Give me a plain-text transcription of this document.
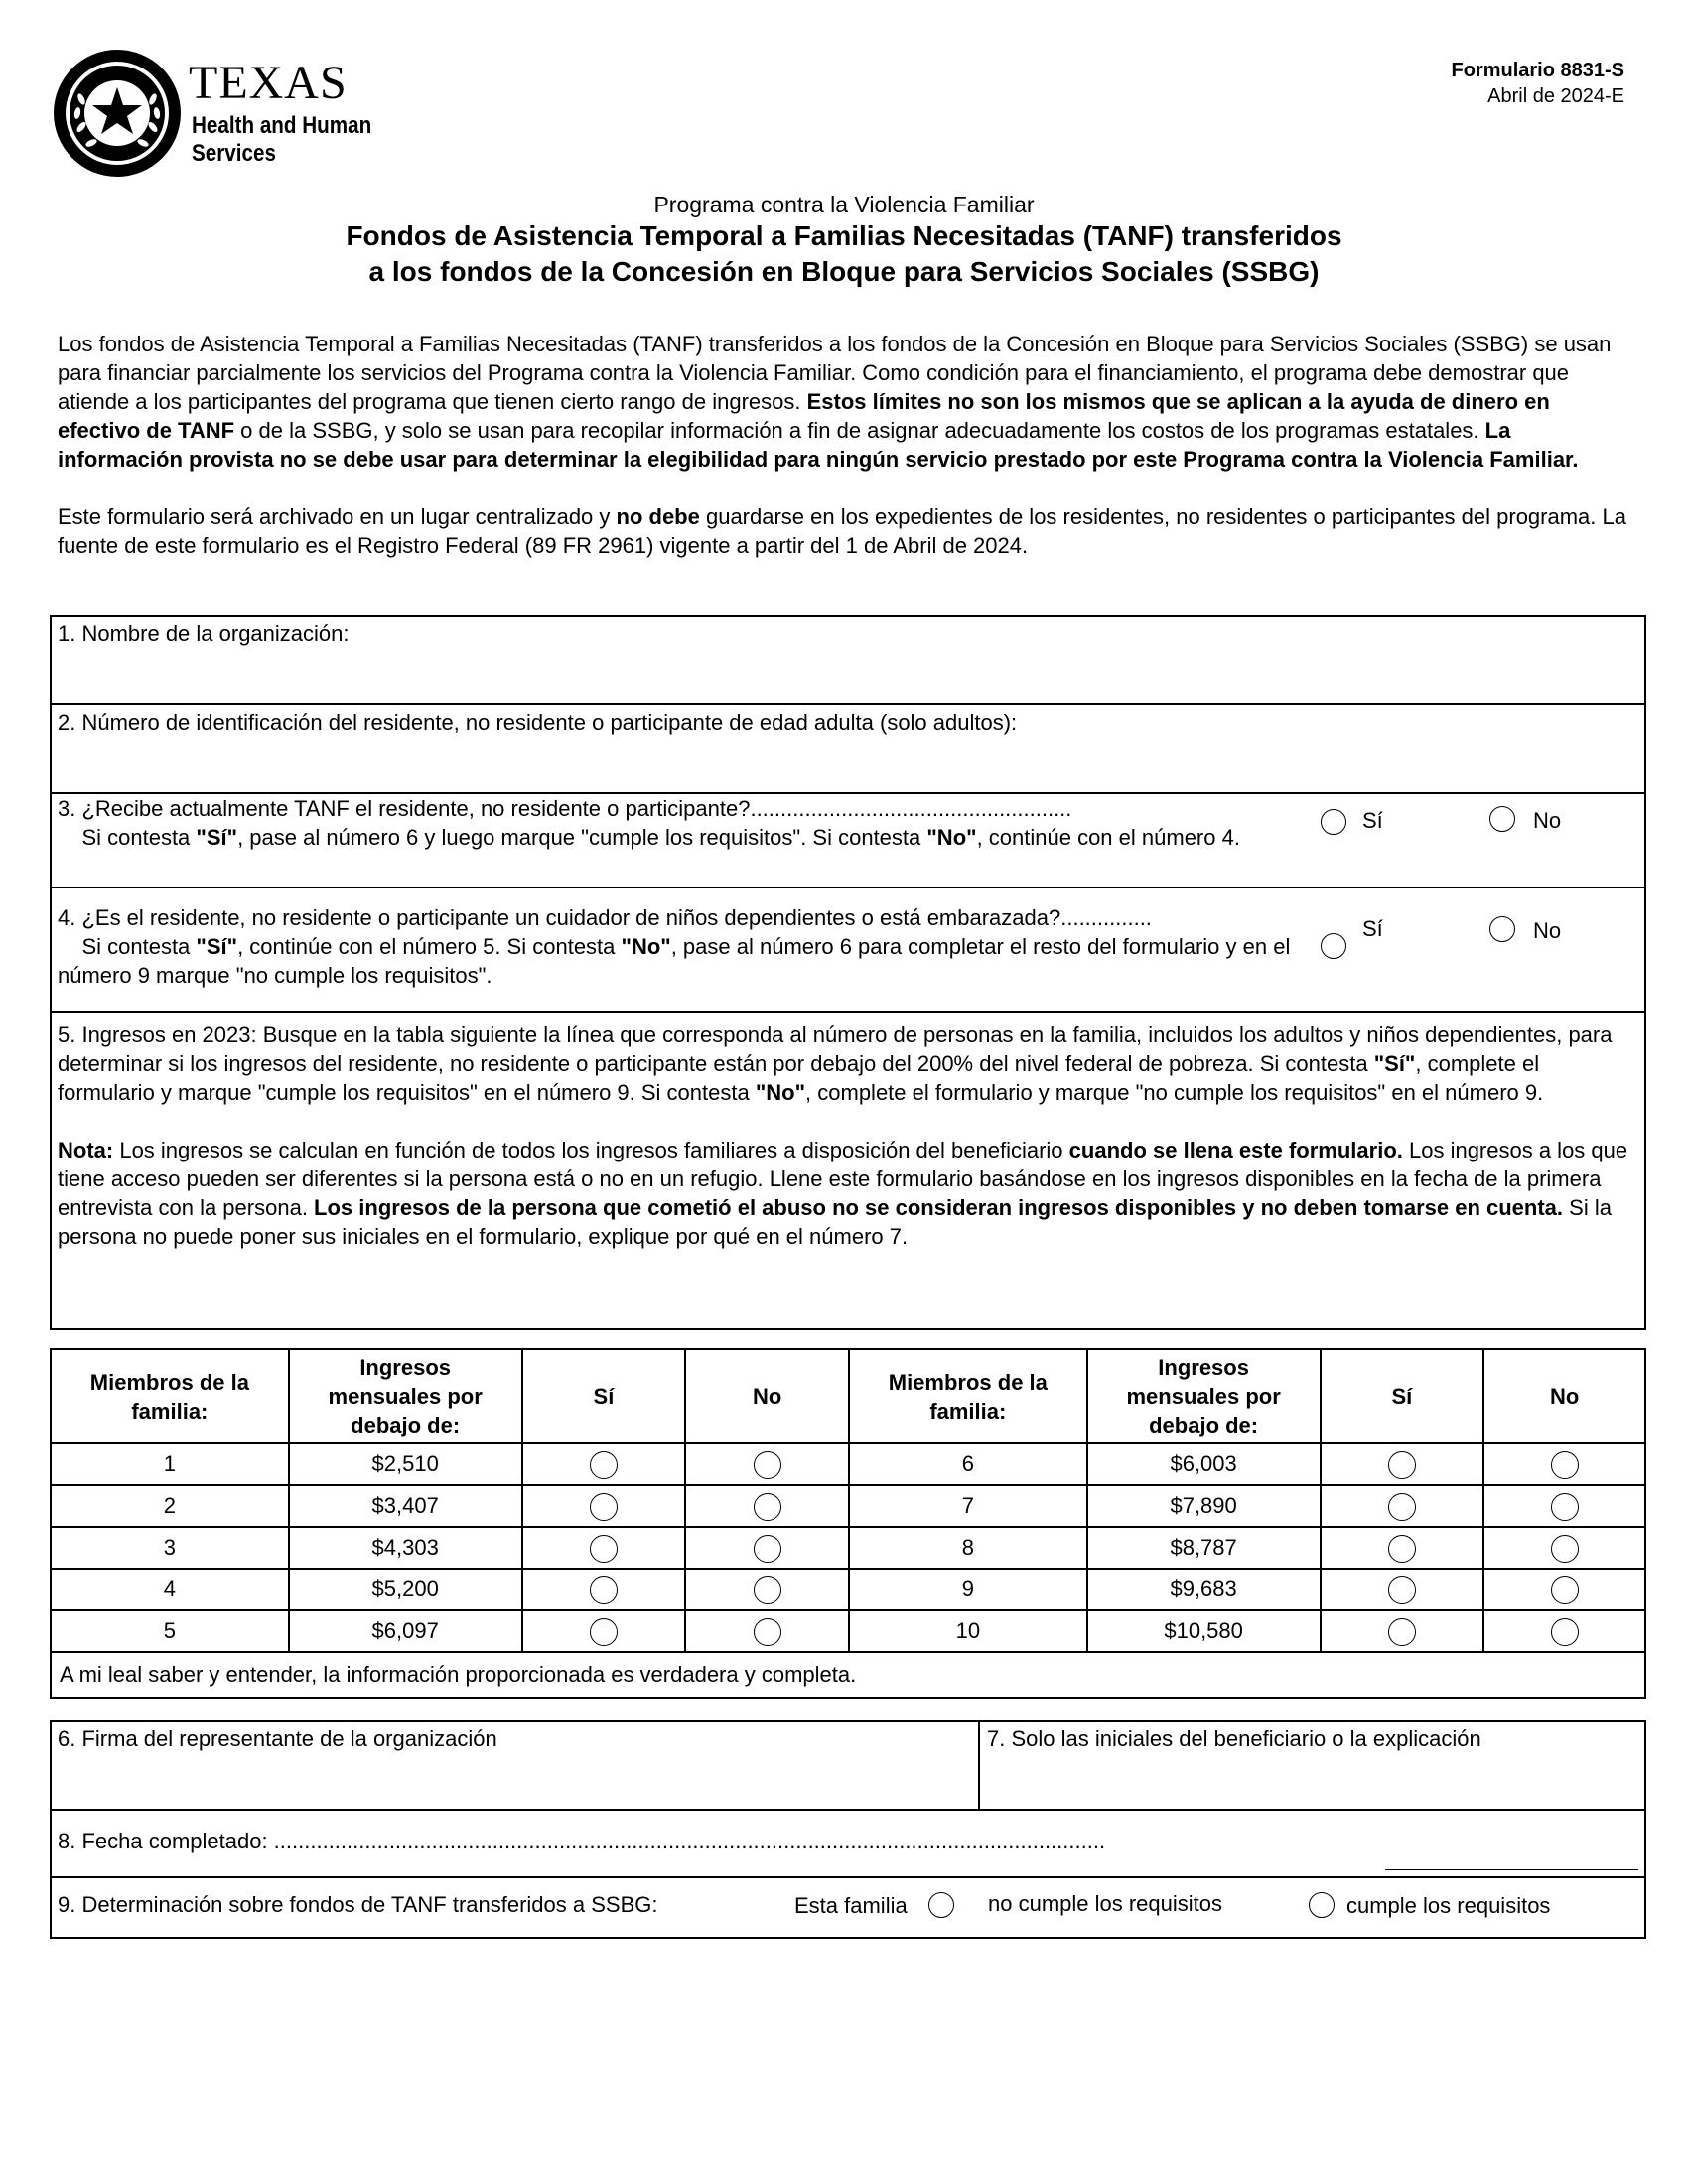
TEXAS
Health and Human
Services
Formulario 8831-S
Abril de 2024-E
Programa contra la Violencia Familiar
Fondos de Asistencia Temporal a Familias Necesitadas (TANF) transferidos
a los fondos de la Concesión en Bloque para Servicios Sociales (SSBG)

Los fondos de Asistencia Temporal a Familias Necesitadas (TANF) transferidos a los fondos de la Concesión en Bloque para Servicios Sociales (SSBG) se usan para financiar parcialmente los servicios del Programa contra la Violencia Familiar. Como condición para el financiamiento, el programa debe demostrar que atiende a los participantes del programa que tienen cierto rango de ingresos. Estos límites no son los mismos que se aplican a la ayuda de dinero en efectivo de TANF o de la SSBG, y solo se usan para recopilar información a fin de asignar adecuadamente los costos de los programas estatales. La información provista no se debe usar para determinar la elegibilidad para ningún servicio prestado por este Programa contra la Violencia Familiar.

Este formulario será archivado en un lugar centralizado y no debe guardarse en los expedientes de los residentes, no residentes o participantes del programa. La fuente de este formulario es el Registro Federal (89 FR 2961) vigente a partir del 1 de Abril de 2024.

1. Nombre de la organización:
2. Número de identificación del residente, no residente o participante de edad adulta (solo adultos):
3. ¿Recibe actualmente TANF el residente, no residente o participante?.....................................................
Si contesta "Sí", pase al número 6 y luego marque "cumple los requisitos". Si contesta "No", continúe con el número 4.
Sí	No
4. ¿Es el residente, no residente o participante un cuidador de niños dependientes o está embarazada?...............
Si contesta "Sí", continúe con el número 5. Si contesta "No", pase al número 6 para completar el resto del formulario y en el número 9 marque "no cumple los requisitos".
Sí	No
5. Ingresos en 2023: Busque en la tabla siguiente la línea que corresponda al número de personas en la familia, incluidos los adultos y niños dependientes, para determinar si los ingresos del residente, no residente o participante están por debajo del 200% del nivel federal de pobreza. Si contesta "Sí", complete el formulario y marque "cumple los requisitos" en el número 9. Si contesta "No", complete el formulario y marque "no cumple los requisitos" en el número 9.
Nota: Los ingresos se calculan en función de todos los ingresos familiares a disposición del beneficiario cuando se llena este formulario. Los ingresos a los que tiene acceso pueden ser diferentes si la persona está o no en un refugio. Llene este formulario basándose en los ingresos disponibles en la fecha de la primera entrevista con la persona. Los ingresos de la persona que cometió el abuso no se consideran ingresos disponibles y no deben tomarse en cuenta. Si la persona no puede poner sus iniciales en el formulario, explique por qué en el número 7.
Miembros de la familia:	Ingresos mensuales por debajo de:	Sí	No	Miembros de la familia:	Ingresos mensuales por debajo de:	Sí	No
1	$2,510			6	$6,003		
2	$3,407			7	$7,890		
3	$4,303			8	$8,787		
4	$5,200			9	$9,683		
5	$6,097			10	$10,580		
A mi leal saber y entender, la información proporcionada es verdadera y completa.							
6. Firma del representante de la organización	7. Solo las iniciales del beneficiario o la explicación
8. Fecha completado: .........................................................................................................................................
9. Determinación sobre fondos de TANF transferidos a SSBG:	Esta familia	no cumple los requisitos	cumple los requisitos
